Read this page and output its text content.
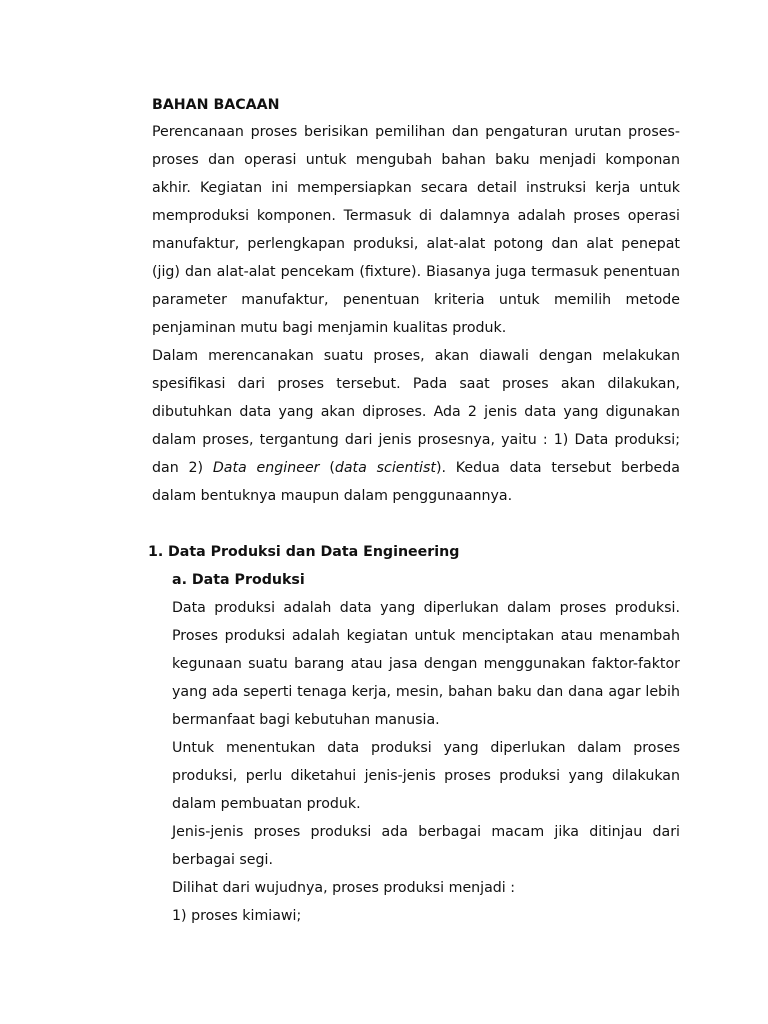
BAHAN BACAAN

Perencanaan proses berisikan pemilihan dan pengaturan urutan proses-proses dan operasi untuk mengubah bahan baku menjadi komponan akhir. Kegiatan ini mempersiapkan secara detail instruksi kerja untuk memproduksi komponen. Termasuk di dalamnya adalah proses operasi manufaktur, perlengkapan produksi, alat-alat potong dan alat penepat (jig) dan alat-alat pencekam (fixture). Biasanya juga termasuk penentuan parameter manufaktur, penentuan kriteria untuk memilih metode penjaminan mutu bagi menjamin kualitas produk.

Dalam merencanakan suatu proses, akan diawali dengan melakukan spesifikasi dari proses tersebut. Pada saat proses akan dilakukan, dibutuhkan data yang akan diproses. Ada 2 jenis data yang digunakan dalam proses, tergantung dari jenis prosesnya, yaitu : 1) Data produksi; dan 2) Data engineer (data scientist). Kedua data tersebut berbeda dalam bentuknya maupun dalam penggunaannya.

1. Data Produksi dan Data Engineering

a. Data Produksi

Data produksi adalah data yang diperlukan dalam proses produksi. Proses produksi adalah kegiatan untuk menciptakan atau menambah kegunaan suatu barang atau jasa dengan menggunakan faktor-faktor yang ada seperti tenaga kerja, mesin, bahan baku dan dana agar lebih bermanfaat bagi kebutuhan manusia.

Untuk menentukan data produksi yang diperlukan dalam proses produksi, perlu diketahui jenis-jenis proses produksi yang dilakukan dalam pembuatan produk.

Jenis-jenis proses produksi ada berbagai macam jika ditinjau dari berbagai segi.

Dilihat dari wujudnya, proses produksi menjadi :

1) proses kimiawi;
